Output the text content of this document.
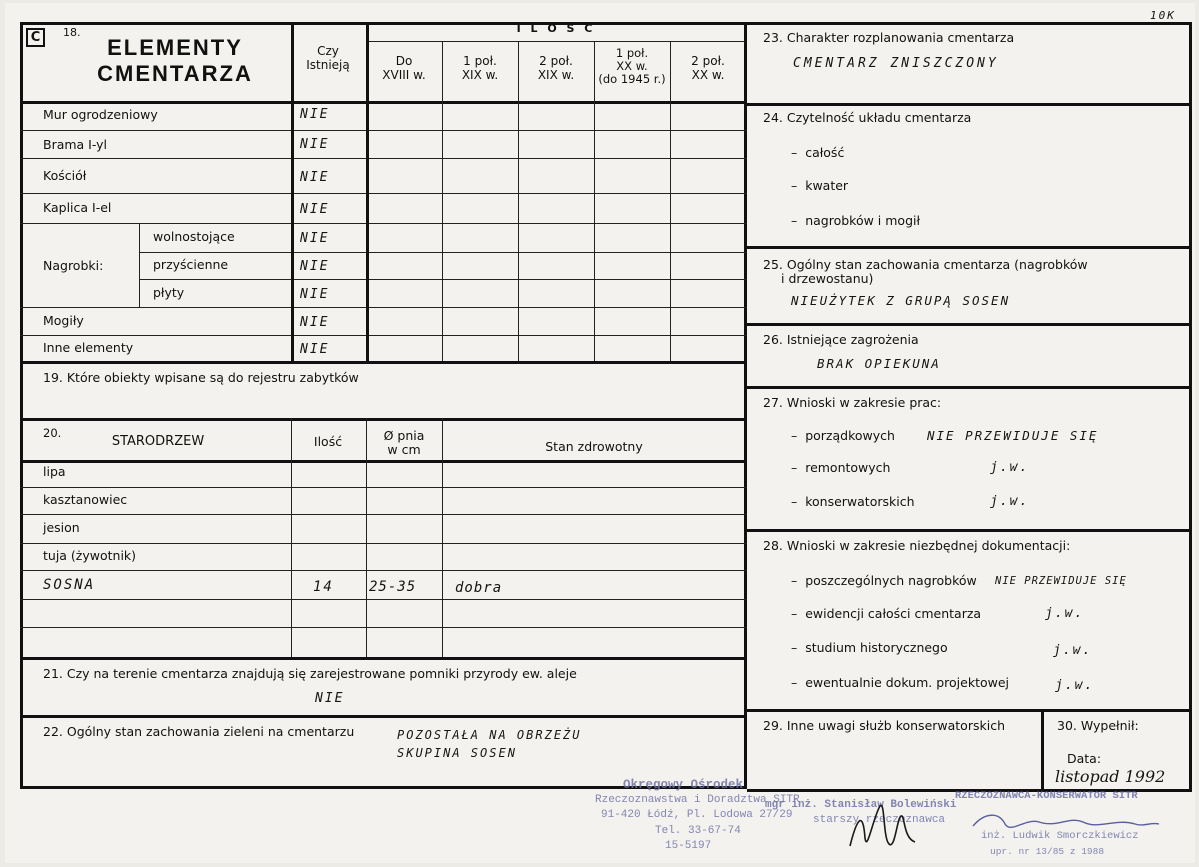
10K
C	18.
ELEMENTY
CMENTARZA
Czy
Istnieją
I L O Ś Ć
Do
XVIII w.
1 poł.
XIX w.
2 poł.
XIX w.
1 poł.
XX w.
(do 1945 r.)
2 poł.
XX w.
Mur ogrodzeniowy	NIE
Brama I-yl	NIE
Kościół	NIE
Kaplica I-el	NIE
Nagrobki:
wolnostojące	NIE
przyścienne	NIE
płyty	NIE
Mogiły	NIE
Inne elementy	NIE
19. Które obiekty wpisane są do rejestru zabytków
20.
STARODRZEW	Ilość	Ø pnia
w cm	Stan zdrowotny
lipa
kasztanowiec
jesion
tuja (żywotnik)
SOSNA	14	25-35	dobra
21. Czy na terenie cmentarza znajdują się zarejestrowane pomniki przyrody ew. aleje
NIE
22. Ogólny stan zachowania zieleni na cmentarzu	POZOSTAŁA NA OBRZEŻU
SKUPINA SOSEN
23. Charakter rozplanowania cmentarza
CMENTARZ ZNISZCZONY
24. Czytelność układu cmentarza
–  całość
–  kwater
–  nagrobków i mogił
25. Ogólny stan zachowania cmentarza (nagrobków
i drzewostanu)
NIEUŻYTEK Z GRUPĄ SOSEN
26. Istniejące zagrożenia
BRAK OPIEKUNA
27. Wnioski w zakresie prac:
–  porządkowych	NIE PRZEWIDUJE SIĘ
–  remontowych	j.w.
–  konserwatorskich	j.w.
28. Wnioski w zakresie niezbędnej dokumentacji:
–  poszczególnych nagrobków NIE PRZEWIDUJE SIĘ
–  ewidencji całości cmentarza	j.w.
–  studium historycznego	j.w.
–  ewentualnie dokum. projektowej	j.w.
29. Inne uwagi służb konserwatorskich	30. Wypełnił:
Data:
listopad 1992
Okręgowy Ośrodek
Rzeczoznawstwa i Doradztwa SITR
91-420 Łódź, Pl. Lodowa 27/29
Tel. 33-67-74
15-5197
mgr inż. Stanisław Bolewiński
starszy rzeczoznawca
RZECZOZNAWCA-KONSERWATOR SITR
inż. Ludwik Smorczkiewicz
upr. nr 13/85 z 1988
